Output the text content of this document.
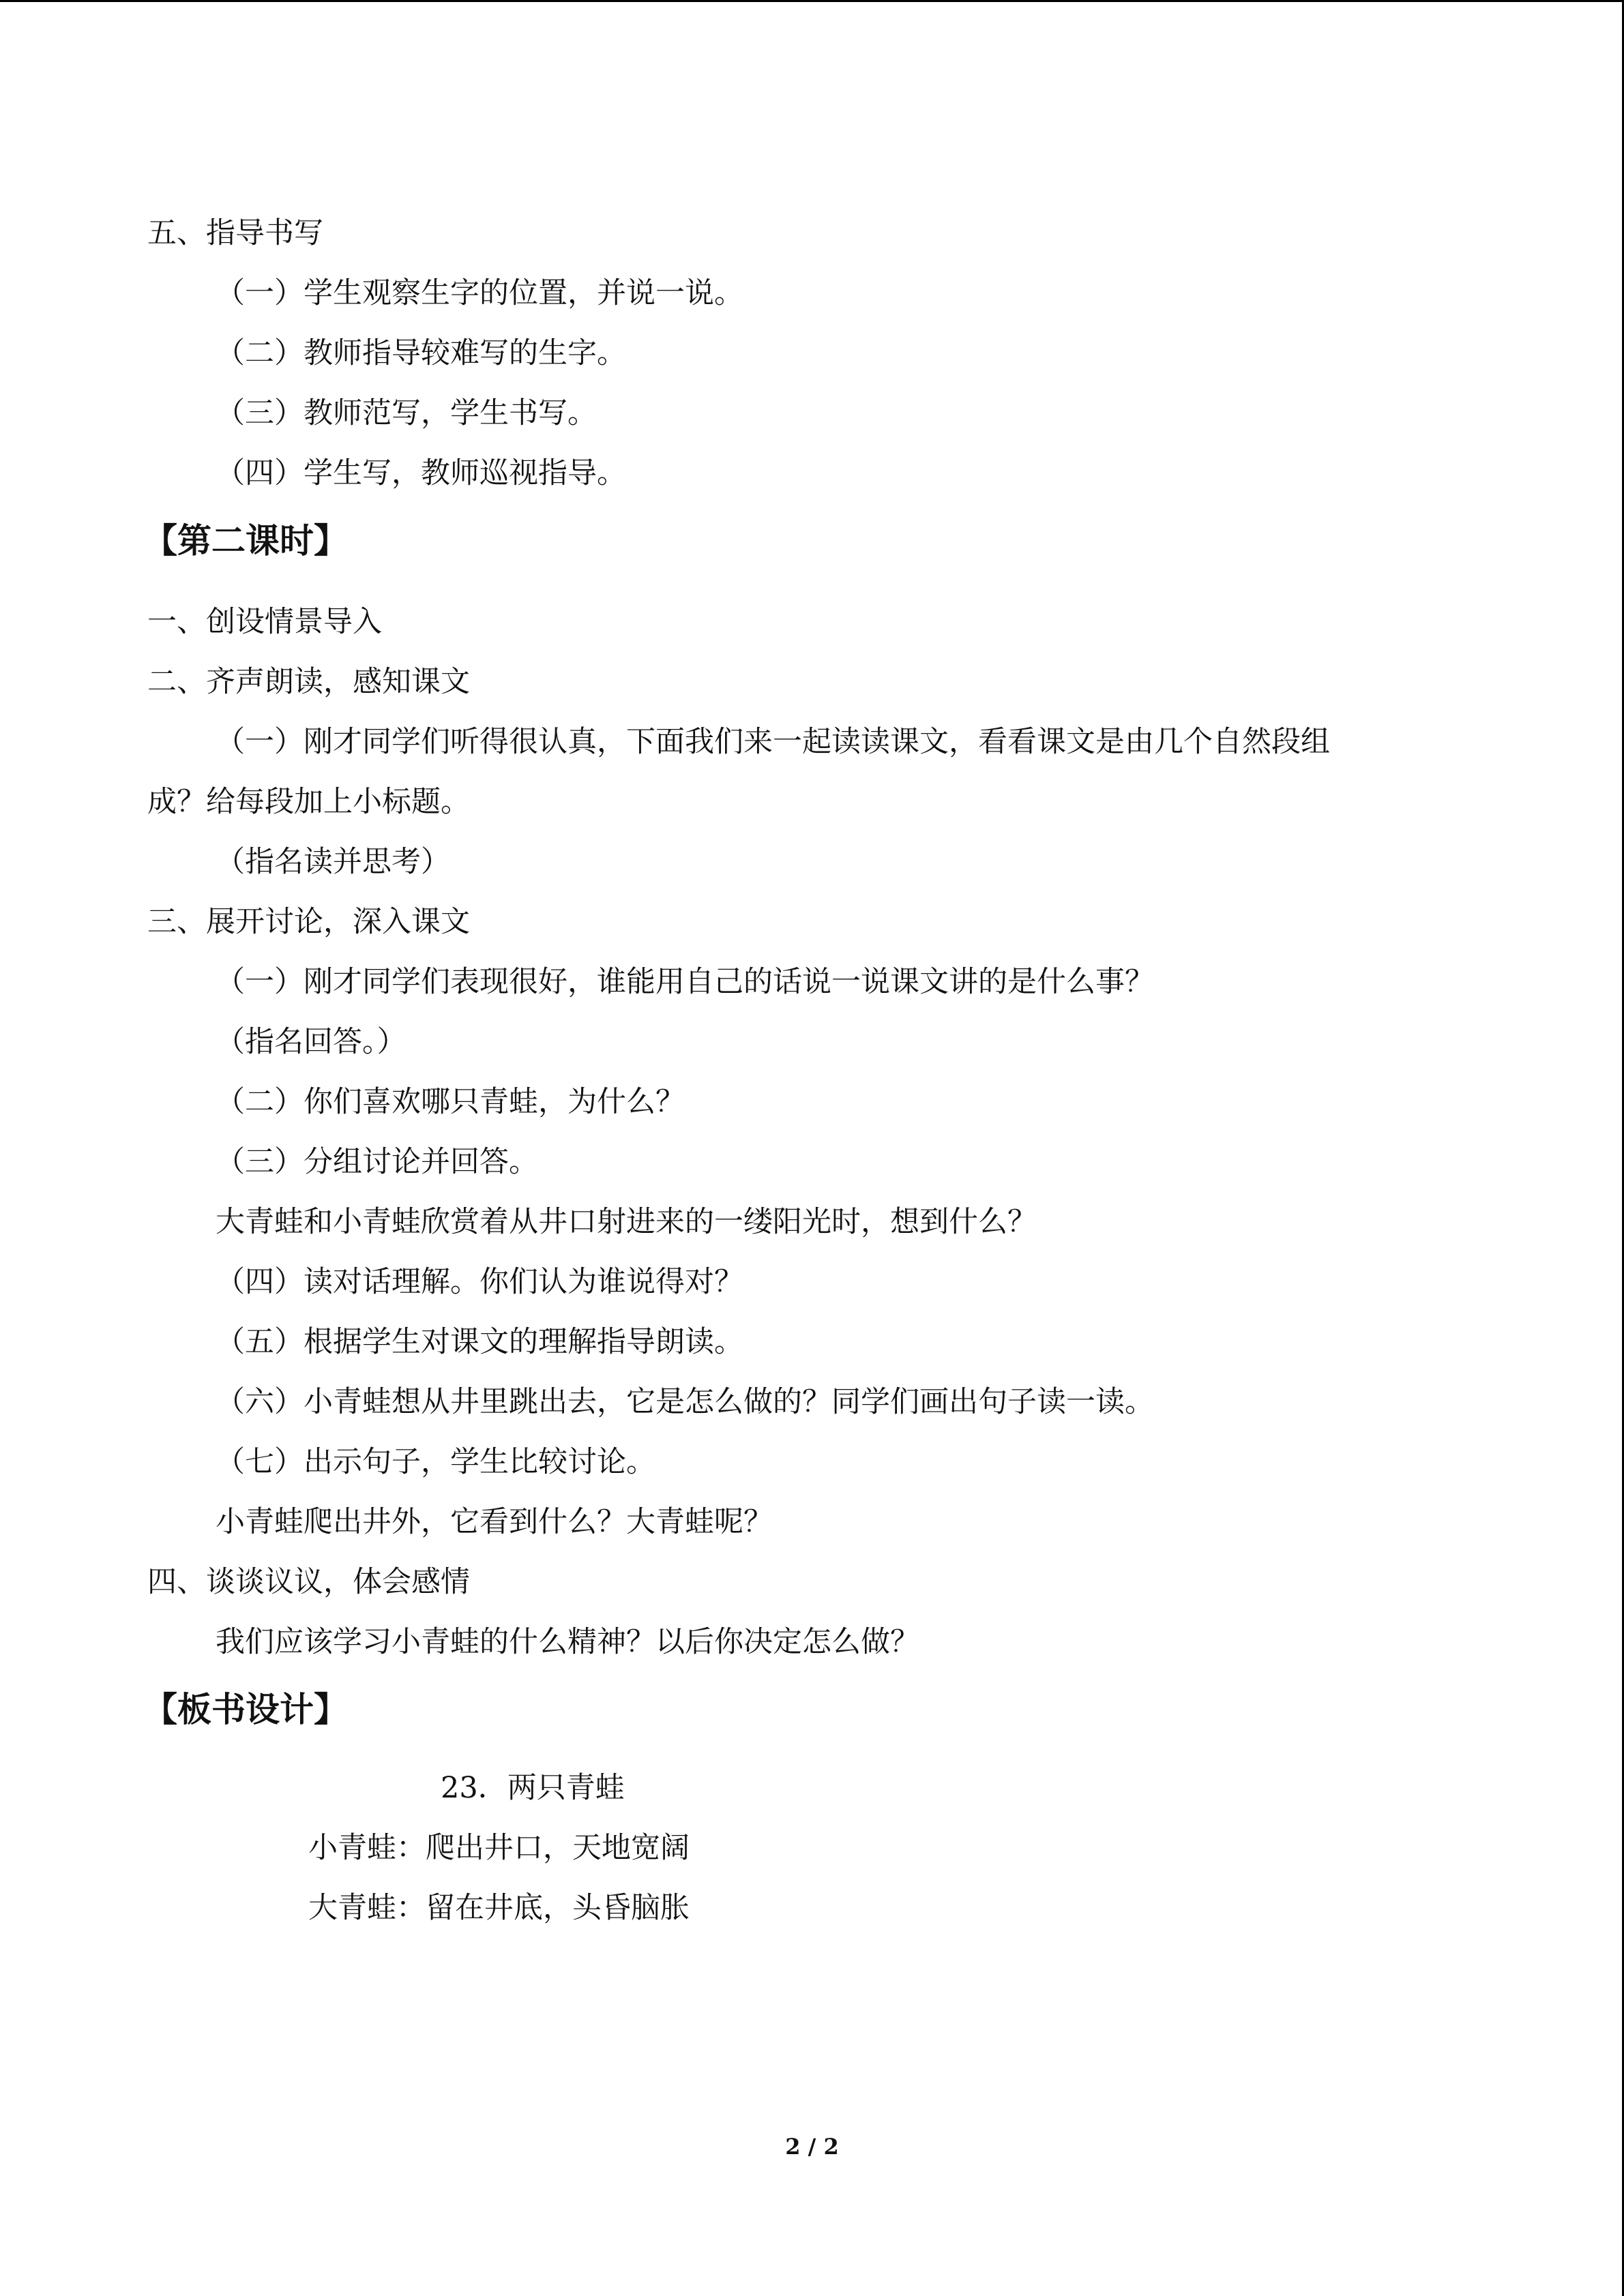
五、指导书写
（一）学生观察生字的位置，并说一说。
（二）教师指导较难写的生字。
（三）教师范写，学生书写。
（四）学生写，教师巡视指导。
【第二课时】
一、创设情景导入
二、齐声朗读，感知课文
（一）刚才同学们听得很认真，下面我们来一起读读课文，看看课文是由几个自然段组
成？给每段加上小标题。
（指名读并思考）
三、展开讨论，深入课文
（一）刚才同学们表现很好，谁能用自己的话说一说课文讲的是什么事？
（指名回答。）
（二）你们喜欢哪只青蛙，为什么？
（三）分组讨论并回答。
大青蛙和小青蛙欣赏着从井口射进来的一缕阳光时，想到什么？
（四）读对话理解。你们认为谁说得对？
（五）根据学生对课文的理解指导朗读。
（六）小青蛙想从井里跳出去，它是怎么做的？同学们画出句子读一读。
（七）出示句子，学生比较讨论。
小青蛙爬出井外，它看到什么？大青蛙呢？
四、谈谈议议，体会感情
我们应该学习小青蛙的什么精神？以后你决定怎么做？
【板书设计】
23．两只青蛙
小青蛙：爬出井口，天地宽阔
大青蛙：留在井底，头昏脑胀
2 / 2
